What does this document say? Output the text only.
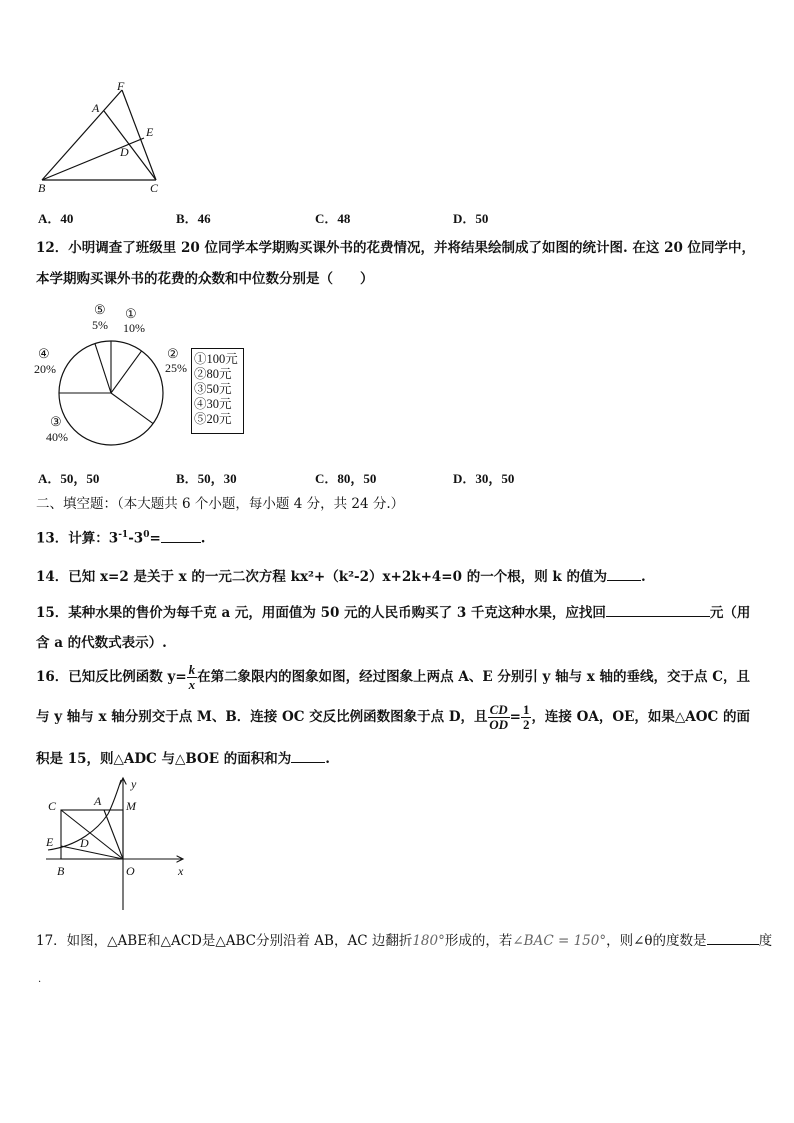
F
A
E
D
B	C
A．40	B．46	C．48	D．50
12．小明调查了班级里 20 位同学本学期购买课外书的花费情况，并将结果绘制成了如图的统计图. 在这 20 位同学中，
本学期购买课外书的花费的众数和中位数分别是（　　）
⑤
5%
①
10%
②
25%
③
40%
④
20%
①100元
②80元
③50元
④30元
⑤20元
A．50，50	B．50，30	C．80，50	D．30，50
二、填空题：（本大题共 6 个小题，每小题 4 分，共 24 分.）
13．计算：$3^{-1}-3^0=$	.
14．已知 x=2 是关于 x 的一元二次方程 kx²+（k²-2）x+2k+4=0 的一个根，则 k 的值为	.
15．某种水果的售价为每千克 a 元，用面值为 50 元的人民币购买了 3 千克这种水果，应找回	元（用
含 a 的代数式表示）.
16．已知反比例函数 $y= \frac{k}{x}$ 在第二象限内的图象如图，经过图象上两点 A、E 分别引 y 轴与 x 轴的垂线，交于点 C，且
与 y 轴与 x 轴分别交于点 M、B．连接 OC 交反比例函数图象于点 D，且 $\frac{CD}{OD} = \frac{1}{2}$ ，连接 OA，OE，如果△AOC 的面
积是 15，则△ADC 与△BOE 的面积和为	.
y
C	A M
E D
B	O	x
17．如图，△ABE和△ACD是△ABC分别沿着 AB，AC 边翻折180°形成的，若∠BAC = 150°，则∠θ的度数是	度
.
